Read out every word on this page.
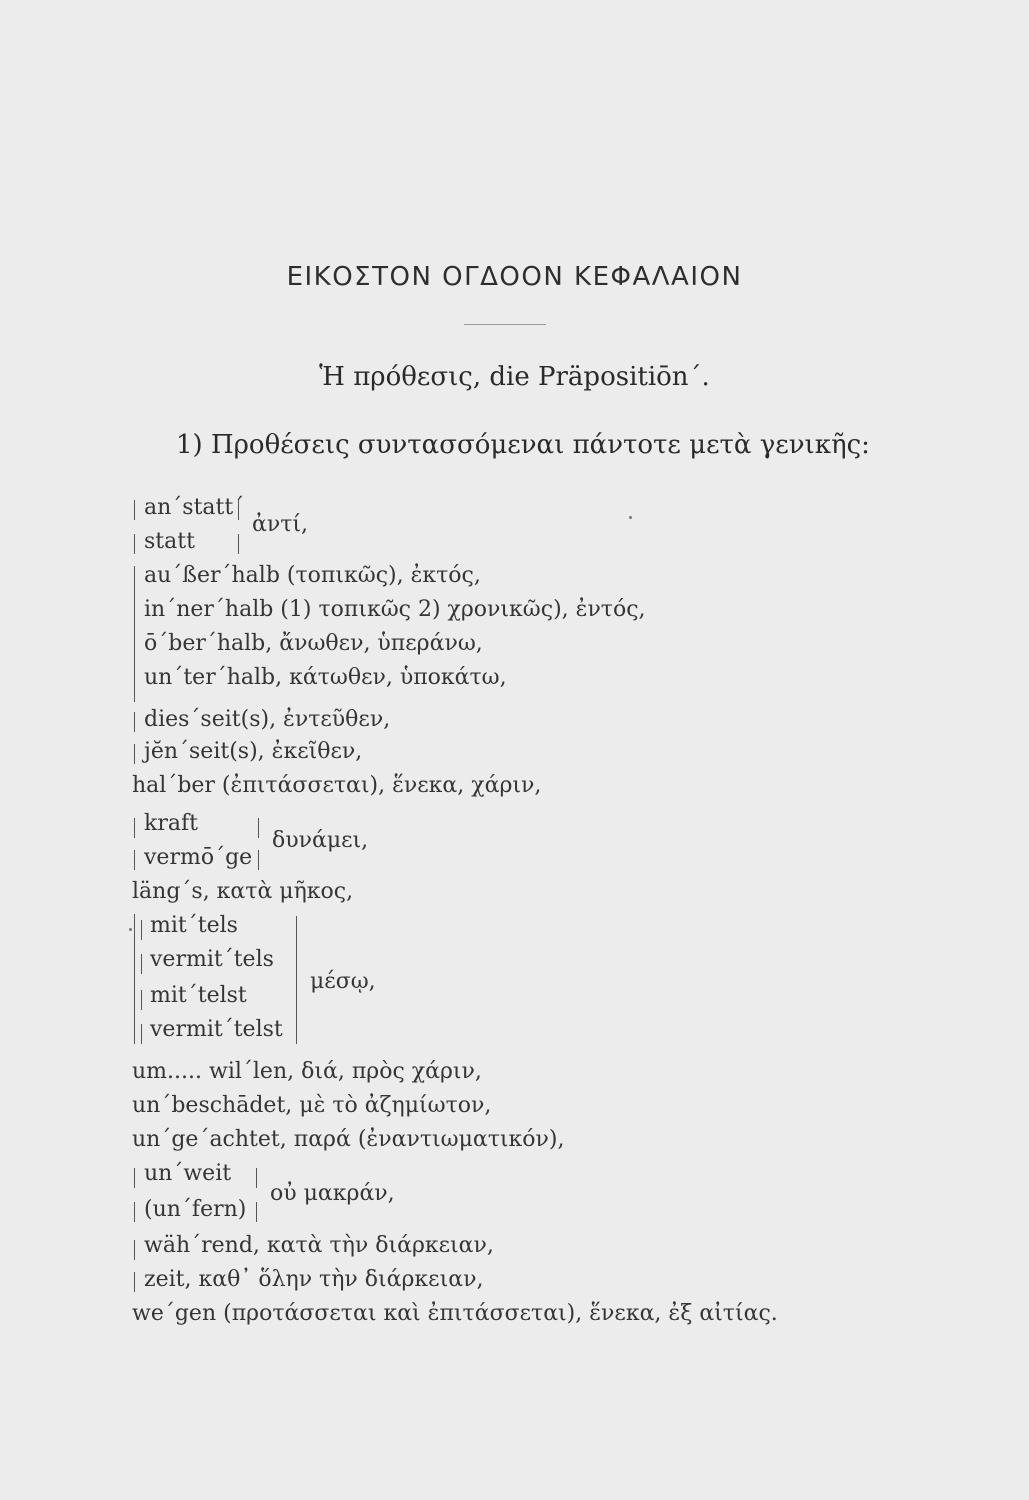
ΕΙΚΟΣΤΟΝ ΟΓΔΟΟΝ ΚΕΦΑΛΑΙΟΝ
Ἡ πρόθεσις, die Präpositiōn΄.
1) Προθέσεις συντασσόμεναι πάντοτε μετὰ γενικῆς:
an΄statt΄
statt
ἀντί,
au΄ßer΄halb (τοπικῶς), ἐκτός,
in΄ner΄halb (1) τοπικῶς 2) χρονικῶς), ἐντός,
ō΄ber΄halb, ἄνωθεν, ὑπεράνω,
un΄ter΄halb, κάτωθεν, ὑποκάτω,
dies΄seit(s), ἐντεῦθεν,
jĕn΄seit(s), ἐκεῖθεν,
hal΄ber (ἐπιτάσσεται), ἕνεκα, χάριν,
kraft
vermō΄ge
δυνάμει,
läng΄s, κατὰ μῆκος,
mit΄tels
vermit΄tels
mit΄telst
vermit΄telst
μέσῳ,
um..... wil΄len, διά, πρὸς χάριν,
un΄beschādet, μὲ τὸ ἀζημίωτον,
un΄ge΄achtet, παρά (ἐναντιωματικόν),
un΄weit
(un΄fern)
οὐ μακράν,
wäh΄rend, κατὰ τὴν διάρκειαν,
zeit, καθ᾽ ὅλην τὴν διάρκειαν,
we΄gen (προτάσσεται καὶ ἐπιτάσσεται), ἕνεκα, ἐξ αἰτίας.
